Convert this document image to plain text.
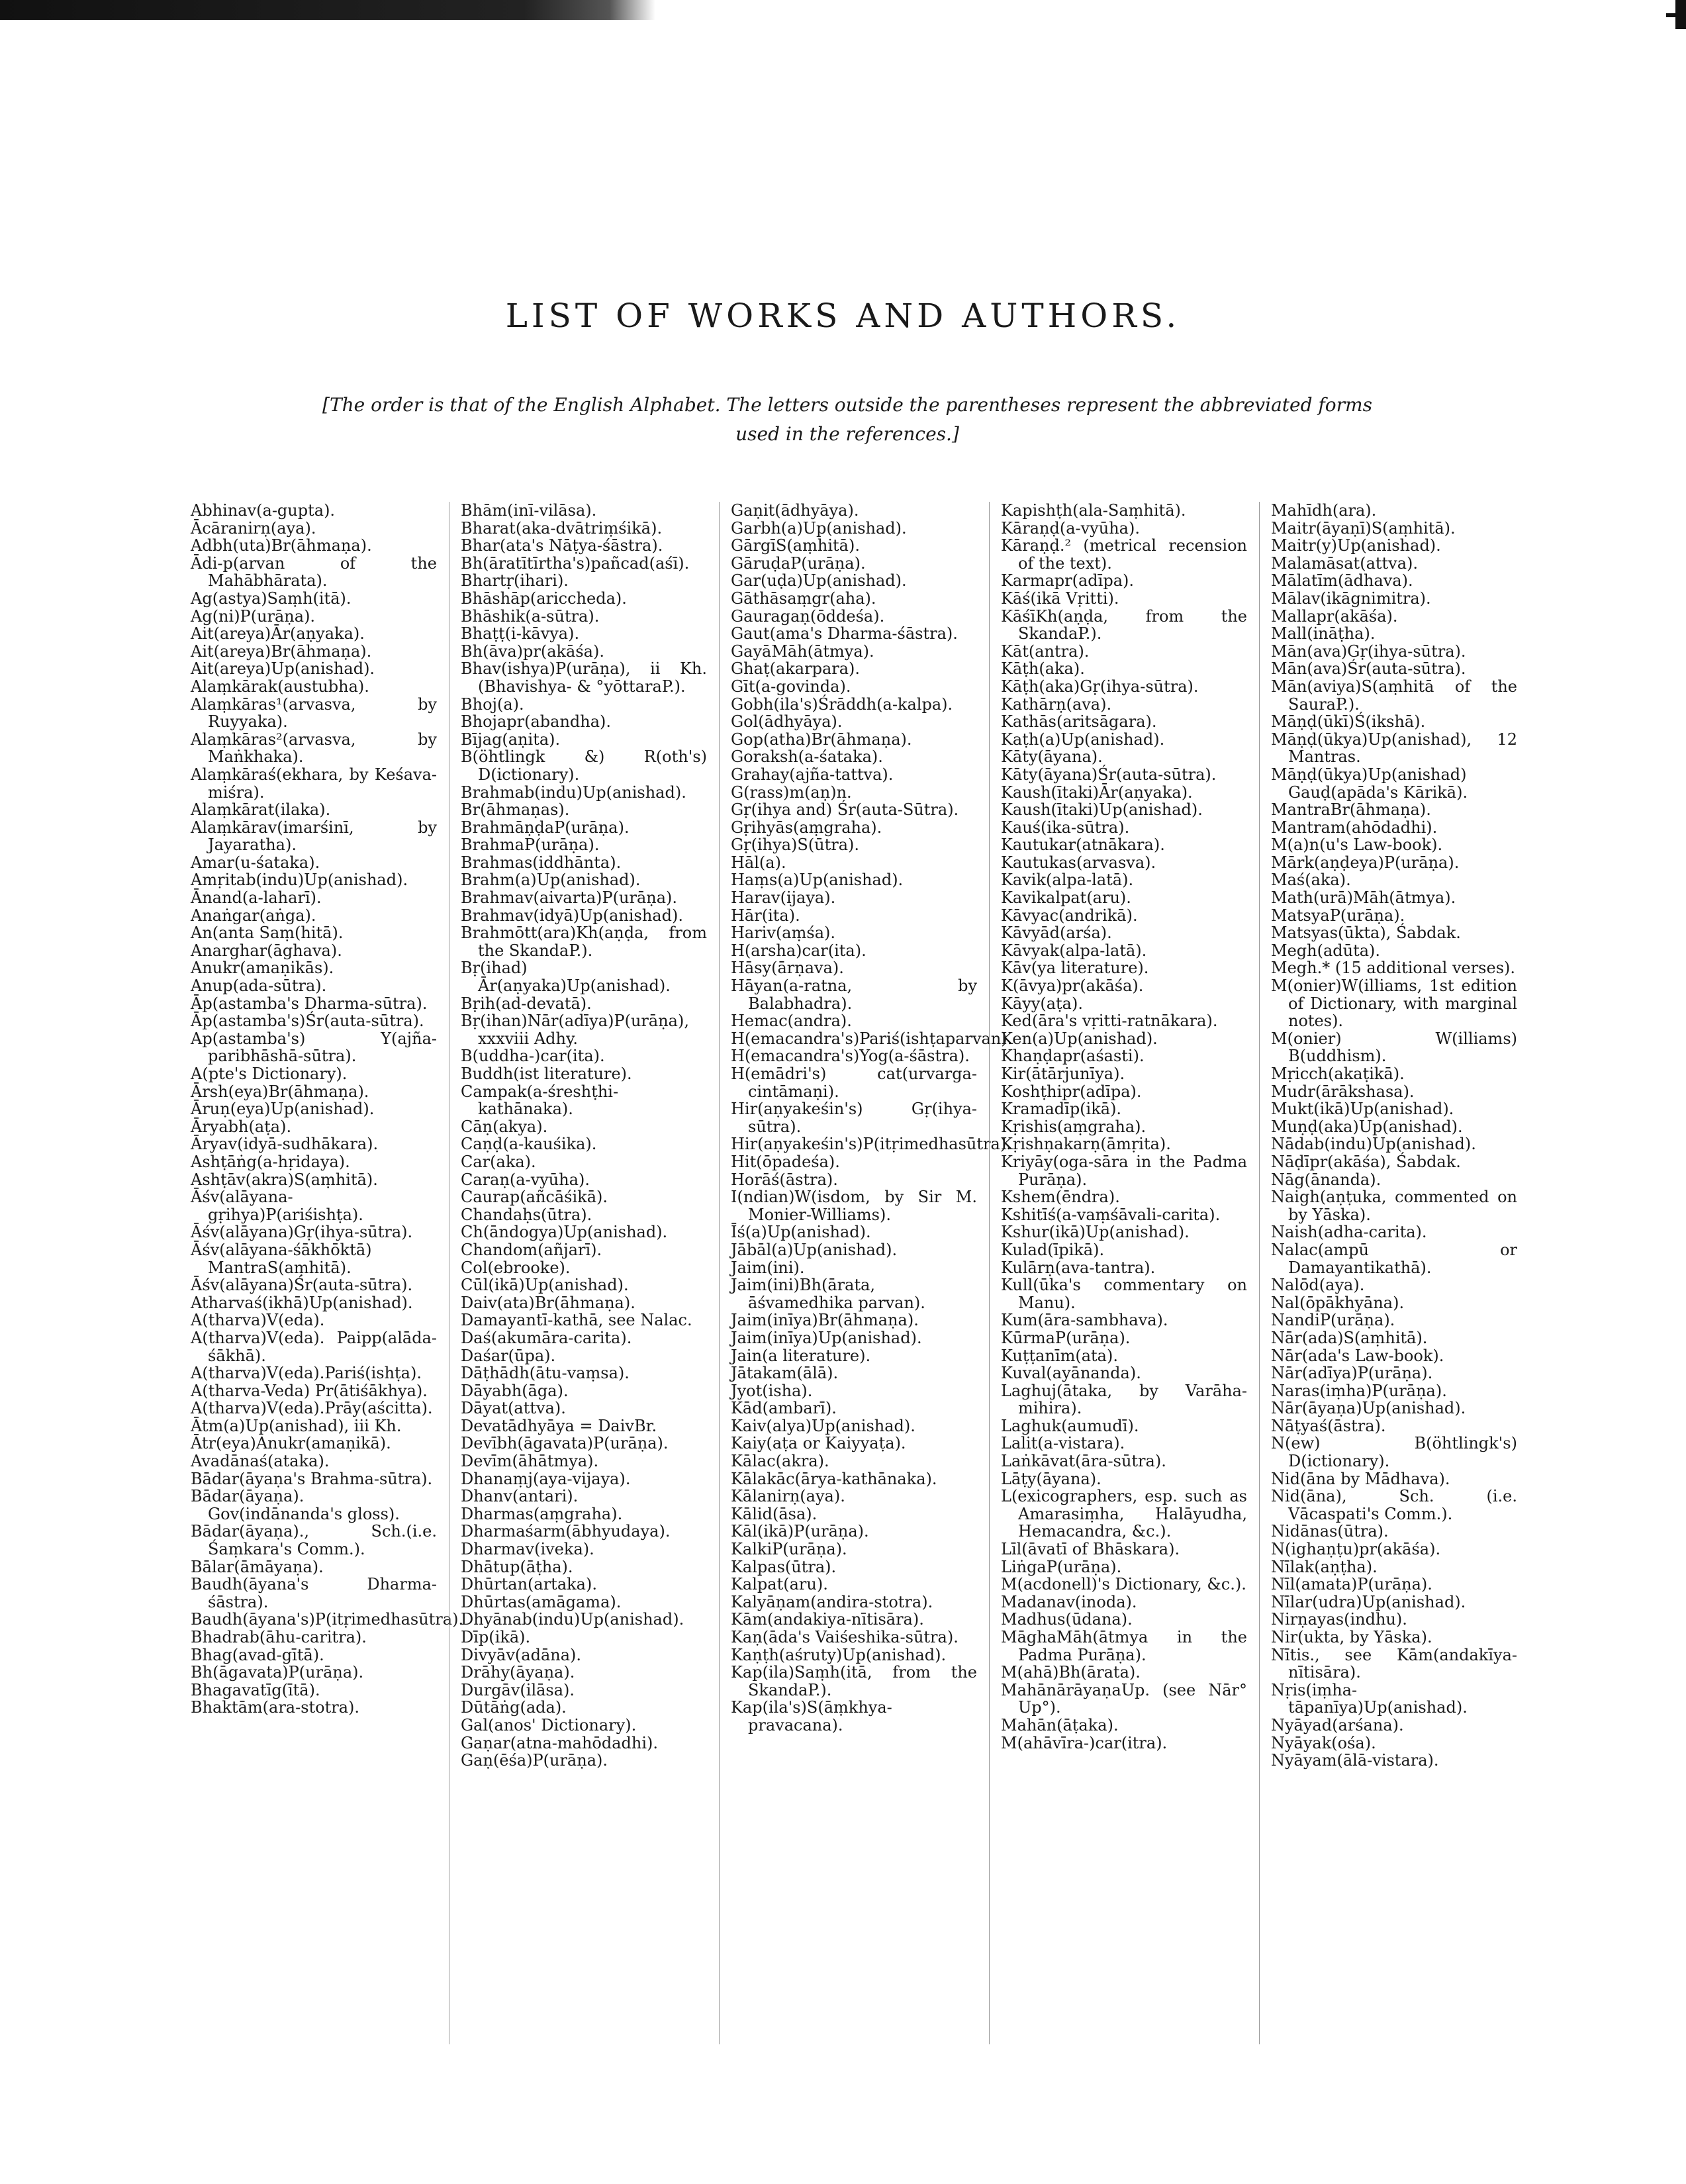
LIST OF WORKS AND AUTHORS.

[The order is that of the English Alphabet. The letters outside the parentheses represent the abbreviated forms used in the references.]

Abhinav(a-gupta).
Ācāranirṇ(aya).
Adbh(uta)Br(āhmaṇa).
Ādi-p(arvan of the Mahābhārata).
Ag(astya)Saṃh(itā).
Ag(ni)P(urāṇa).
Ait(areya)Ār(aṇyaka).
Ait(areya)Br(āhmaṇa).
Ait(areya)Up(anishad).
Alaṃkārak(austubha).
Alaṃkāras¹(arvasva, by Ruyyaka).
Alaṃkāras²(arvasva, by Maṅkhaka).
Alaṃkāraś(ekhara, by Keśava-miśra).
Alaṃkārat(ilaka).
Alaṃkārav(imarśinī, by Jayaratha).
Amar(u-śataka).
Amṛitab(indu)Up(anishad).
Ānand(a-laharī).
Anaṅgar(aṅga).
An(anta Saṃ(hitā).
Anarghar(āghava).
Anukr(amaṇikās).
Anup(ada-sūtra).
Āp(astamba's Dharma-sūtra).
Āp(astamba's)Śr(auta-sūtra).
Ap(astamba's) Y(ajña-paribhāshā-sūtra).
A(pte's Dictionary).
Ārsh(eya)Br(āhmaṇa).
Āruṇ(eya)Up(anishad).
Āryabh(aṭa).
Āryav(idyā-sudhākara).
Ashṭāṅg(a-hṛidaya).
Ashṭāv(akra)S(aṃhitā).
Āśv(alāyana-gṛihya)P(ariśishṭa).
Āśv(alāyana)Gṛ(ihya-sūtra).
Āśv(alāyana-śākhōktā) MantraS(aṃhitā).
Āśv(alāyana)Śr(auta-sūtra).
Atharvaś(ikhā)Up(anishad).
A(tharva)V(eda).
A(tharva)V(eda). Paipp(alāda-śākhā).
A(tharva)V(eda).Pariś(ishṭa).
A(tharva-Veda) Pr(ātiśākhya).
A(tharva)V(eda).Prāy(aścitta).
Ātm(a)Up(anishad), iii Kh.
Ātr(eya)Anukr(amaṇikā).
Avadānaś(ataka).
Bādar(āyaṇa's Brahma-sūtra).
Bādar(āyaṇa). Gov(indānanda's gloss).
Bādar(āyaṇa)., Sch.(i.e. Śaṃkara's Comm.).
Bālar(āmāyaṇa).
Baudh(āyana's Dharma-śāstra).
Baudh(āyana's)P(itṛimedhasūtra).
Bhadrab(āhu-caritra).
Bhag(avad-gītā).
Bh(āgavata)P(urāṇa).
Bhagavatīg(ītā).
Bhaktām(ara-stotra).
Bhām(inī-vilāsa).
Bharat(aka-dvātriṃśikā).
Bhar(ata's Nāṭya-śāstra).
Bh(āratītīrtha's)pañcad(aśī).
Bhartṛ(ihari).
Bhāshāp(ariccheda).
Bhāshik(a-sūtra).
Bhaṭṭ(i-kāvya).
Bh(āva)pr(akāśa).
Bhav(ishya)P(urāṇa), ii Kh. (Bhavishya- & °yōttaraP.).
Bhoj(a).
Bhojapr(abandha).
Bījag(aṇita).
B(öhtlingk &) R(oth's) D(ictionary).
Brahmab(indu)Up(anishad).
Br(āhmaṇas).
BrahmāṇḍaP(urāṇa).
BrahmaP(urāṇa).
Brahmas(iddhānta).
Brahm(a)Up(anishad).
Brahmav(aivarta)P(urāṇa).
Brahmav(idyā)Up(anishad).
Brahmōtt(ara)Kh(aṇḍa, from the SkandaP.).
Bṛ(ihad) Ār(aṇyaka)Up(anishad).
Bṛih(ad-devatā).
Bṛ(ihan)Nār(adīya)P(urāṇa), xxxviii Adhy.
B(uddha-)car(ita).
Buddh(ist literature).
Campak(a-śreshṭhi-kathānaka).
Cāṇ(akya).
Caṇḍ(a-kauśika).
Car(aka).
Caraṇ(a-vyūha).
Caurap(añcāśikā).
Chandaḥs(ūtra).
Ch(āndogya)Up(anishad).
Chandom(añjarī).
Col(ebrooke).
Cūl(ikā)Up(anishad).
Daiv(ata)Br(āhmaṇa).
Damayantī-kathā, see Nalac.
Daś(akumāra-carita).
Daśar(ūpa).
Dāṭhādh(ātu-vaṃsa).
Dāyabh(āga).
Dāyat(attva).
Devatādhyāya = DaivBr.
Devībh(āgavata)P(urāṇa).
Devīm(āhātmya).
Dhanaṃj(aya-vijaya).
Dhanv(antari).
Dharmas(aṃgraha).
Dharmaśarm(ābhyudaya).
Dharmav(iveka).
Dhātup(āṭha).
Dhūrtan(artaka).
Dhūrtas(amāgama).
Dhyānab(indu)Up(anishad).
Dīp(ikā).
Divyāv(adāna).
Drāhy(āyaṇa).
Durgāv(ilāsa).
Dūtāṅg(ada).
Gal(anos' Dictionary).
Gaṇar(atna-mahōdadhi).
Gaṇ(ēśa)P(urāṇa).
Gaṇit(ādhyāya).
Garbh(a)Up(anishad).
GārgīS(aṃhitā).
GāruḍaP(urāṇa).
Gar(uḍa)Up(anishad).
Gāthāsaṃgr(aha).
Gauragaṇ(ōddeśa).
Gaut(ama's Dharma-śāstra).
GayāMāh(ātmya).
Ghaṭ(akarpara).
Gīt(a-govinda).
Gobh(ila's)Śrāddh(a-kalpa).
Gol(ādhyāya).
Gop(atha)Br(āhmaṇa).
Goraksh(a-śataka).
Grahay(ajña-tattva).
G(rass)m(aṇ)n.
Gṛ(ihya and) Śr(auta-Sūtra).
Gṛihyās(aṃgraha).
Gṛ(ihya)S(ūtra).
Hāl(a).
Haṃs(a)Up(anishad).
Harav(ijaya).
Hār(ita).
Hariv(aṃśa).
H(arsha)car(ita).
Hāsy(ārṇava).
Hāyan(a-ratna, by Balabhadra).
Hemac(andra).
H(emacandra's)Pariś(ishṭaparvan).
H(emacandra's)Yog(a-śāstra).
H(emādri's) cat(urvarga-cintāmaṇi).
Hir(aṇyakeśin's) Gṛ(ihya-sūtra).
Hir(aṇyakeśin's)P(itṛimedhasūtra).
Hit(ōpadeśa).
Horāś(āstra).
I(ndian)W(isdom, by Sir M. Monier-Williams).
Īś(a)Up(anishad).
Jābāl(a)Up(anishad).
Jaim(ini).
Jaim(ini)Bh(ārata, āśvamedhika parvan).
Jaim(inīya)Br(āhmaṇa).
Jaim(inīya)Up(anishad).
Jain(a literature).
Jātakam(ālā).
Jyot(isha).
Kād(ambarī).
Kaiv(alya)Up(anishad).
Kaiy(aṭa or Kaiyyaṭa).
Kālac(akra).
Kālakāc(ārya-kathānaka).
Kālanirṇ(aya).
Kālid(āsa).
Kāl(ikā)P(urāṇa).
KalkiP(urāṇa).
Kalpas(ūtra).
Kalpat(aru).
Kalyāṇam(andira-stotra).
Kām(andakiya-nītisāra).
Kaṇ(āda's Vaiśeshika-sūtra).
Kaṇṭh(aśruty)Up(anishad).
Kap(ila)Saṃh(itā, from the SkandaP.).
Kap(ila's)S(āṃkhya-pravacana).
Kapishṭh(ala-Saṃhitā).
Kāraṇḍ(a-vyūha).
Kāraṇḍ.² (metrical recension of the text).
Karmapr(adīpa).
Kāś(ikā Vṛitti).
KāśīKh(aṇḍa, from the SkandaP.).
Kāt(antra).
Kāṭh(aka).
Kāṭh(aka)Gṛ(ihya-sūtra).
Kathārṇ(ava).
Kathās(aritsāgara).
Kaṭh(a)Up(anishad).
Kāty(āyana).
Kāty(āyana)Śr(auta-sūtra).
Kaush(ītaki)Ār(aṇyaka).
Kaush(ītaki)Up(anishad).
Kauś(ika-sūtra).
Kautukar(atnākara).
Kautukas(arvasva).
Kavik(alpa-latā).
Kavikalpat(aru).
Kāvyac(andrikā).
Kāvyād(arśa).
Kāvyak(alpa-latā).
Kāv(ya literature).
K(āvya)pr(akāśa).
Kāyy(aṭa).
Ked(āra's vṛitti-ratnākara).
Ken(a)Up(anishad).
Khaṇḍapr(aśasti).
Kir(ātārjunīya).
Koshṭhipr(adīpa).
Kramadīp(ikā).
Kṛishis(aṃgraha).
Kṛishṇakarṇ(āmṛita).
Kriyāy(oga-sāra in the Padma Purāṇa).
Kshem(ēndra).
Kshitīś(a-vaṃśāvali-carita).
Kshur(ikā)Up(anishad).
Kulad(īpikā).
Kulārṇ(ava-tantra).
Kull(ūka's commentary on Manu).
Kum(āra-sambhava).
KūrmaP(urāṇa).
Kuṭṭanīm(ata).
Kuval(ayānanda).
Laghuj(ātaka, by Varāha-mihira).
Laghuk(aumudī).
Lalit(a-vistara).
Laṅkāvat(āra-sūtra).
Lāṭy(āyana).
L(exicographers, esp. such as Amarasiṃha, Halāyudha, Hemacandra, &c.).
Līl(āvatī of Bhāskara).
LiṅgaP(urāṇa).
M(acdonell)'s Dictionary, &c.).
Madanav(inoda).
Madhus(ūdana).
MāghaMāh(ātmya in the Padma Purāṇa).
M(ahā)Bh(ārata).
MahānārāyaṇaUp. (see Nār° Up°).
Mahān(āṭaka).
M(ahāvīra-)car(itra).
Mahīdh(ara).
Maitr(āyaṇī)S(aṃhitā).
Maitr(y)Up(anishad).
Malamāsat(attva).
Mālatīm(ādhava).
Mālav(ikāgnimitra).
Mallapr(akāśa).
Mall(ināṭha).
Mān(ava)Gṛ(ihya-sūtra).
Mān(ava)Śr(auta-sūtra).
Mān(aviya)S(aṃhitā of the SauraP.).
Māṇḍ(ūkī)Ś(ikshā).
Māṇḍ(ūkya)Up(anishad), 12 Mantras.
Māṇḍ(ūkya)Up(anishad) Gauḍ(apāda's Kārikā).
MantraBr(āhmaṇa).
Mantram(ahōdadhi).
M(a)n(u's Law-book).
Mārk(aṇḍeya)P(urāṇa).
Maś(aka).
Math(urā)Māh(ātmya).
MatsyaP(urāṇa).
Matsyas(ūkta), Śabdak.
Megh(adūta).
Megh.* (15 additional verses).
M(onier)W(illiams, 1st edition of Dictionary, with marginal notes).
M(onier) W(illiams) B(uddhism).
Mṛicch(akaṭikā).
Mudr(ārākshasa).
Mukt(ikā)Up(anishad).
Muṇḍ(aka)Up(anishad).
Nādab(indu)Up(anishad).
Nāḍīpr(akāśa), Śabdak.
Nāg(ānanda).
Naigh(aṇṭuka, commented on by Yāska).
Naish(adha-carita).
Nalac(ampū or Damayantikathā).
Nalōd(aya).
Nal(ōpākhyāna).
NandiP(urāṇa).
Nār(ada)S(aṃhitā).
Nār(ada's Law-book).
Nār(adīya)P(urāṇa).
Naras(iṃha)P(urāṇa).
Nār(āyaṇa)Up(anishad).
Nāṭyaś(āstra).
N(ew) B(öhtlingk's) D(ictionary).
Nid(āna by Mādhava).
Nid(āna), Sch. (i.e. Vācaspati's Comm.).
Nidānas(ūtra).
N(ighaṇṭu)pr(akāśa).
Nīlak(aṇṭha).
Nīl(amata)P(urāṇa).
Nīlar(udra)Up(anishad).
Nirṇayas(indhu).
Nir(ukta, by Yāska).
Nītis., see Kām(andakīya-nītisāra).
Nṛis(iṃha-tāpanīya)Up(anishad).
Nyāyad(arśana).
Nyāyak(ośa).
Nyāyam(ālā-vistara).
